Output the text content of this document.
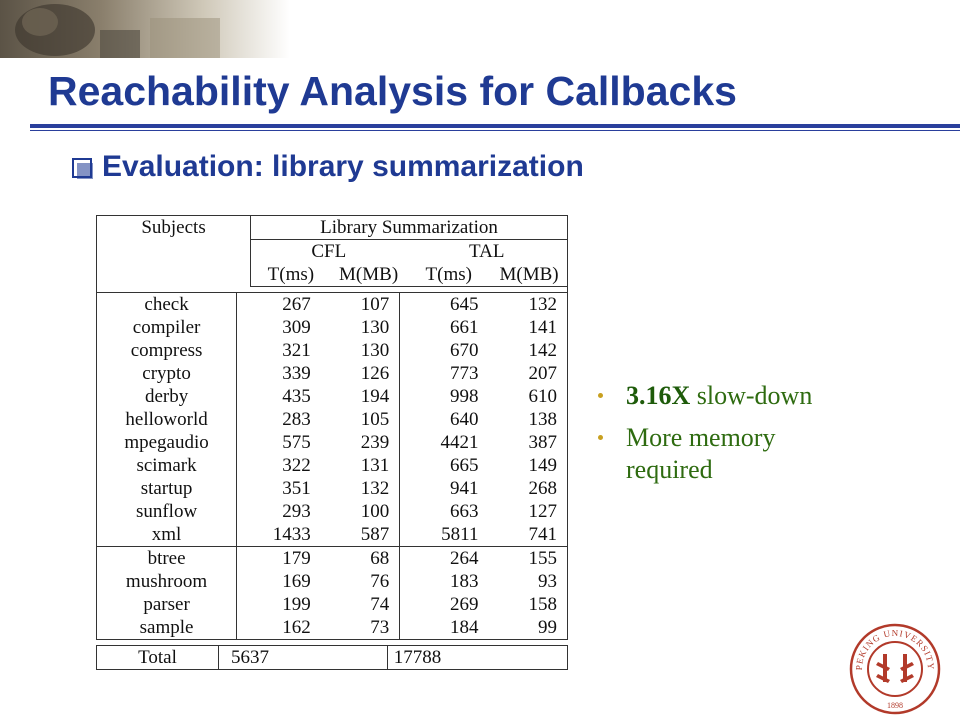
Reachability Analysis for Callbacks
Evaluation: library summarization
Subjects	Library Summarization			
	CFL		TAL	
	T(ms)	M(MB)	T(ms)	M(MB)

check	267	107	645	132
compiler	309	130	661	141
compress	321	130	670	142
crypto	339	126	773	207
derby	435	194	998	610
helloworld	283	105	640	138
mpegaudio	575	239	4421	387
scimark	322	131	665	149
startup	351	132	941	268
sunflow	293	100	663	127
xml	1433	587	5811	741
btree	179	68	264	155
mushroom	169	76	183	93
parser	199	74	269	158
sample	162	73	184	99
Total	5637	17788
3.16X slow-down
More memory required
PEKING UNIVERSITY
1898
